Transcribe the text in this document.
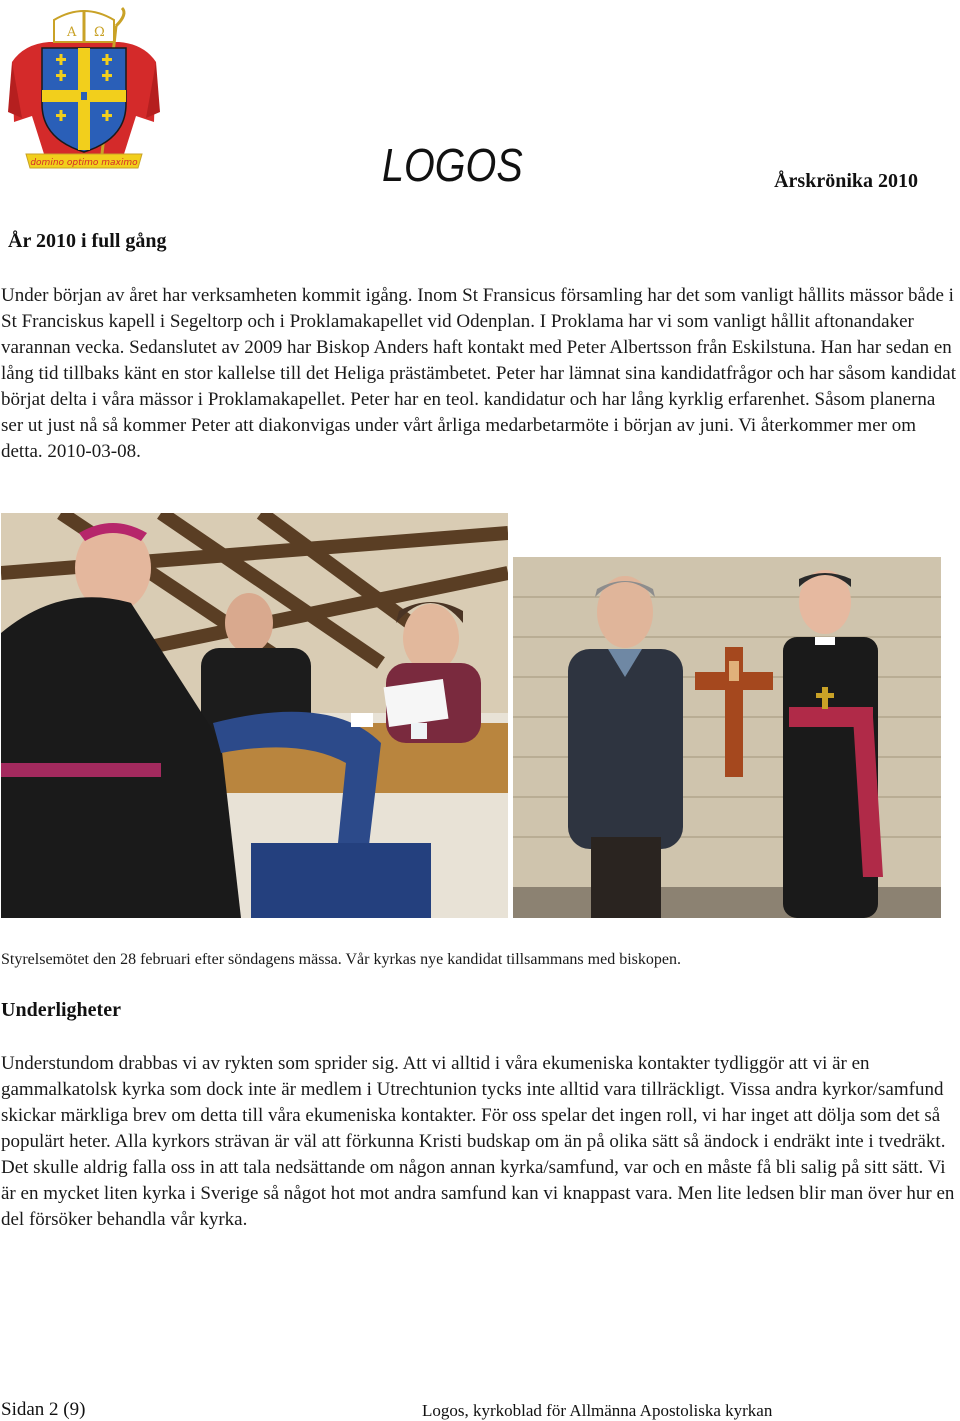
A Ω
domino optimo maximo	LOGOS	Årskrönika 2010
År 2010 i full gång

Under början av året har verksamheten kommit igång. Inom St Fransicus församling har det som vanligt hållits mässor både i St Franciskus kapell i Segeltorp och i Proklamakapellet vid Odenplan. I Proklama har vi som vanligt hållit aftonandaker varannan vecka. Sedanslutet av 2009 har Biskop Anders haft kontakt med Peter Albertsson från Eskilstuna. Han har sedan en lång tid tillbaks känt en stor kallelse till det Heliga prästämbetet. Peter har lämnat sina kandidatfrågor och har såsom kandidat börjat delta i våra mässor i Proklamakapellet. Peter har en teol. kandidatur och har lång kyrklig erfarenhet. Såsom planerna ser ut just nå så kommer Peter att diakonvigas under vårt årliga medarbetarmöte i början av juni. Vi återkommer mer om detta. 2010-03-08.

Styrelsemötet den 28 februari efter söndagens mässa. Vår kyrkas nye kandidat tillsammans med biskopen.
Underligheter

Understundom drabbas vi av rykten som sprider sig. Att vi alltid i våra ekumeniska kontakter tydliggör att vi är en gammalkatolsk kyrka som dock inte är medlem i Utrechtunion tycks inte alltid vara tillräckligt. Vissa andra kyrkor/samfund skickar märkliga brev om detta till våra ekumeniska kontakter. För oss spelar det ingen roll, vi har inget att dölja som det så populärt heter. Alla kyrkors strävan är väl att förkunna Kristi budskap om än på olika sätt så ändock i endräkt inte i tvedräkt. Det skulle aldrig falla oss in att tala nedsättande om någon annan kyrka/samfund, var och en måste få bli salig på sitt sätt. Vi är en mycket liten kyrka i Sverige så något hot mot andra samfund kan vi knappast vara. Men lite ledsen blir man över hur en del försöker behandla vår kyrka.

Sidan 2 (9)	Logos, kyrkoblad för Allmänna Apostoliska kyrkan
